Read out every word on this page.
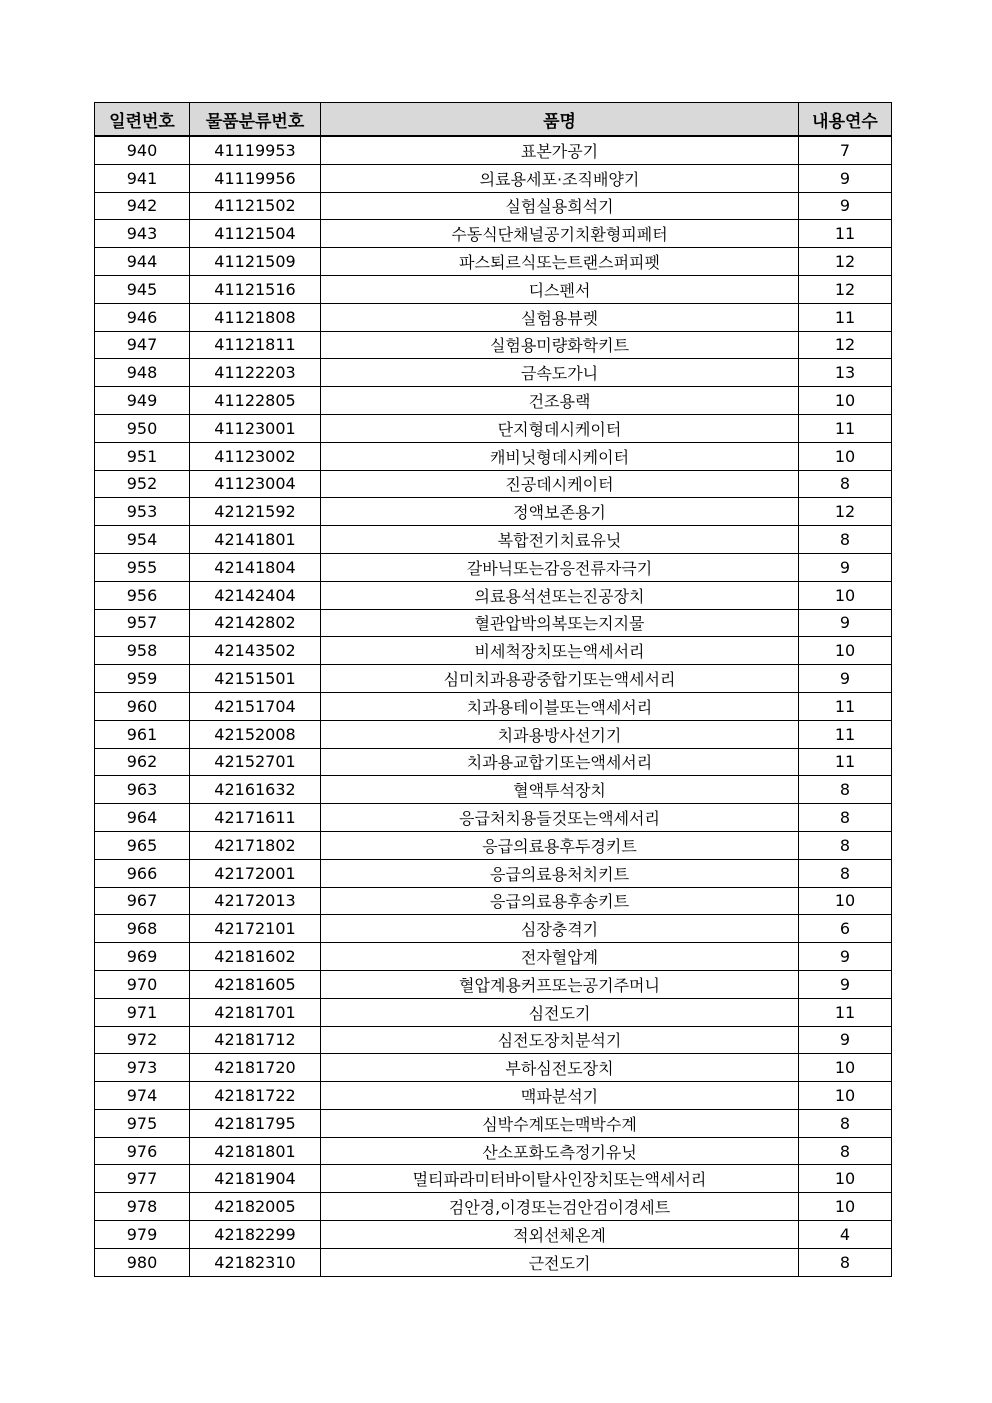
일련번호	물품분류번호	품명	내용연수
940	41119953	표본가공기	7
941	41119956	의료용세포·조직배양기	9
942	41121502	실험실용희석기	9
943	41121504	수동식단채널공기치환형피페터	11
944	41121509	파스퇴르식또는트랜스퍼피펫	12
945	41121516	디스펜서	12
946	41121808	실험용뷰렛	11
947	41121811	실험용미량화학키트	12
948	41122203	금속도가니	13
949	41122805	건조용랙	10
950	41123001	단지형데시케이터	11
951	41123002	캐비닛형데시케이터	10
952	41123004	진공데시케이터	8
953	42121592	정액보존용기	12
954	42141801	복합전기치료유닛	8
955	42141804	갈바닉또는감응전류자극기	9
956	42142404	의료용석션또는진공장치	10
957	42142802	혈관압박의복또는지지물	9
958	42143502	비세척장치또는액세서리	10
959	42151501	심미치과용광중합기또는액세서리	9
960	42151704	치과용테이블또는액세서리	11
961	42152008	치과용방사선기기	11
962	42152701	치과용교합기또는액세서리	11
963	42161632	혈액투석장치	8
964	42171611	응급처치용들것또는액세서리	8
965	42171802	응급의료용후두경키트	8
966	42172001	응급의료용처치키트	8
967	42172013	응급의료용후송키트	10
968	42172101	심장충격기	6
969	42181602	전자혈압계	9
970	42181605	혈압계용커프또는공기주머니	9
971	42181701	심전도기	11
972	42181712	심전도장치분석기	9
973	42181720	부하심전도장치	10
974	42181722	맥파분석기	10
975	42181795	심박수계또는맥박수계	8
976	42181801	산소포화도측정기유닛	8
977	42181904	멀티파라미터바이탈사인장치또는액세서리	10
978	42182005	검안경,이경또는검안검이경세트	10
979	42182299	적외선체온계	4
980	42182310	근전도기	8
